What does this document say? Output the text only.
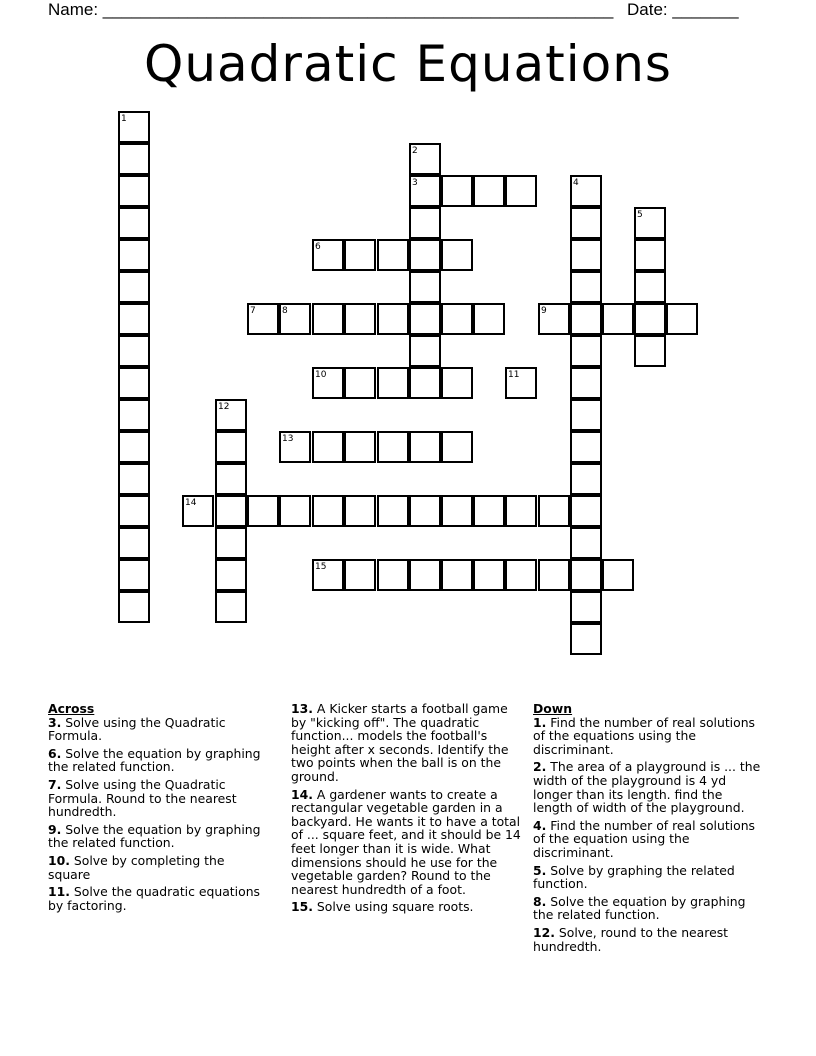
Name: ______________________________________________________ Date: _______
Quadratic Equations
1
2
3	4
5
6
7	8	9
10	11
12
13
14
15
Across
3. Solve using the Quadratic Formula.
6. Solve the equation by graphing the related function.
7. Solve using the Quadratic Formula. Round to the nearest hundredth.
9. Solve the equation by graphing the related function.
10. Solve by completing the square
11. Solve the quadratic equations by factoring.
13. A Kicker starts a football game by "kicking off". The quadratic function... models the football's height after x seconds. Identify the two points when the ball is on the ground.
14. A gardener wants to create a rectangular vegetable garden in a backyard. He wants it to have a total of ... square feet, and it should be 14 feet longer than it is wide. What dimensions should he use for the vegetable garden? Round to the nearest hundredth of a foot.
15. Solve using square roots.
Down
1. Find the number of real solutions of the equations using the discriminant.
2. The area of a playground is ... the width of the playground is 4 yd longer than its length. find the length of width of the playground.
4. Find the number of real solutions of the equation using the discriminant.
5. Solve by graphing the related function.
8. Solve the equation by graphing the related function.
12. Solve, round to the nearest hundredth.
